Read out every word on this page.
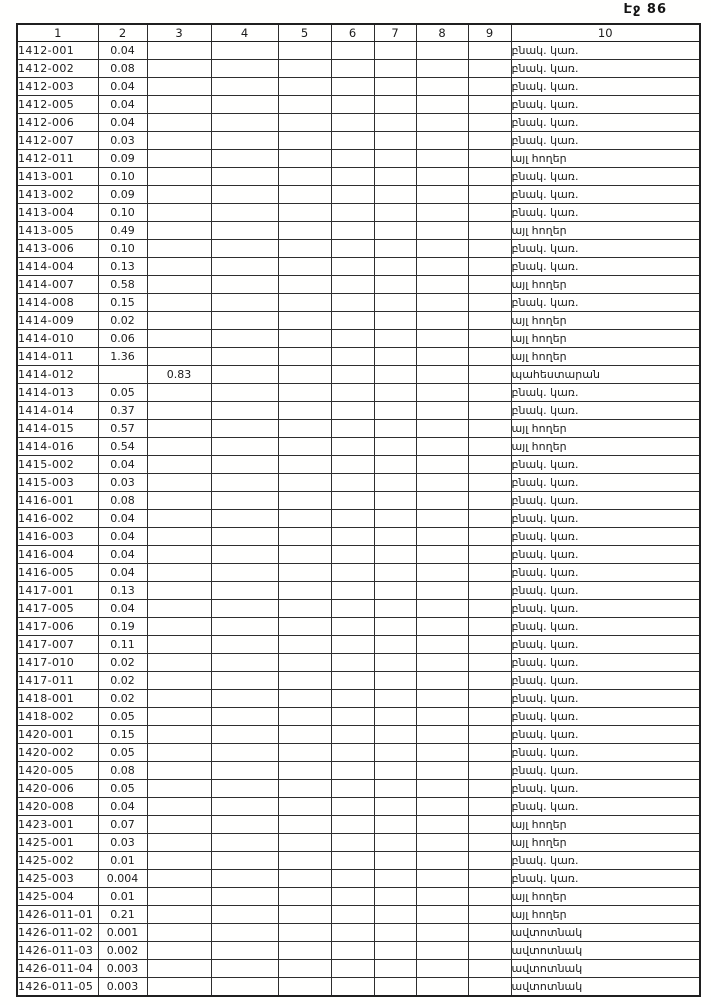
Էջ 86
1	2	3	4	5	6	7	8	9	10
1412-001	0.04								բնակ. կառ.
1412-002	0.08								բնակ. կառ.
1412-003	0.04								բնակ. կառ.
1412-005	0.04								բնակ. կառ.
1412-006	0.04								բնակ. կառ.
1412-007	0.03								բնակ. կառ.
1412-011	0.09								այլ հողեր
1413-001	0.10								բնակ. կառ.
1413-002	0.09								բնակ. կառ.
1413-004	0.10								բնակ. կառ.
1413-005	0.49								այլ հողեր
1413-006	0.10								բնակ. կառ.
1414-004	0.13								բնակ. կառ.
1414-007	0.58								այլ հողեր
1414-008	0.15								բնակ. կառ.
1414-009	0.02								այլ հողեր
1414-010	0.06								այլ հողեր
1414-011	1.36								այլ հողեր
1414-012		0.83							պահեստարան
1414-013	0.05								բնակ. կառ.
1414-014	0.37								բնակ. կառ.
1414-015	0.57								այլ հողեր
1414-016	0.54								այլ հողեր
1415-002	0.04								բնակ. կառ.
1415-003	0.03								բնակ. կառ.
1416-001	0.08								բնակ. կառ.
1416-002	0.04								բնակ. կառ.
1416-003	0.04								բնակ. կառ.
1416-004	0.04								բնակ. կառ.
1416-005	0.04								բնակ. կառ.
1417-001	0.13								բնակ. կառ.
1417-005	0.04								բնակ. կառ.
1417-006	0.19								բնակ. կառ.
1417-007	0.11								բնակ. կառ.
1417-010	0.02								բնակ. կառ.
1417-011	0.02								բնակ. կառ.
1418-001	0.02								բնակ. կառ.
1418-002	0.05								բնակ. կառ.
1420-001	0.15								բնակ. կառ.
1420-002	0.05								բնակ. կառ.
1420-005	0.08								բնակ. կառ.
1420-006	0.05								բնակ. կառ.
1420-008	0.04								բնակ. կառ.
1423-001	0.07								այլ հողեր
1425-001	0.03								այլ հողեր
1425-002	0.01								բնակ. կառ.
1425-003	0.004								բնակ. կառ.
1425-004	0.01								այլ հողեր
1426-011-01	0.21								այլ հողեր
1426-011-02	0.001								ավտոտնակ
1426-011-03	0.002								ավտոտնակ
1426-011-04	0.003								ավտոտնակ
1426-011-05	0.003								ավտոտնակ
